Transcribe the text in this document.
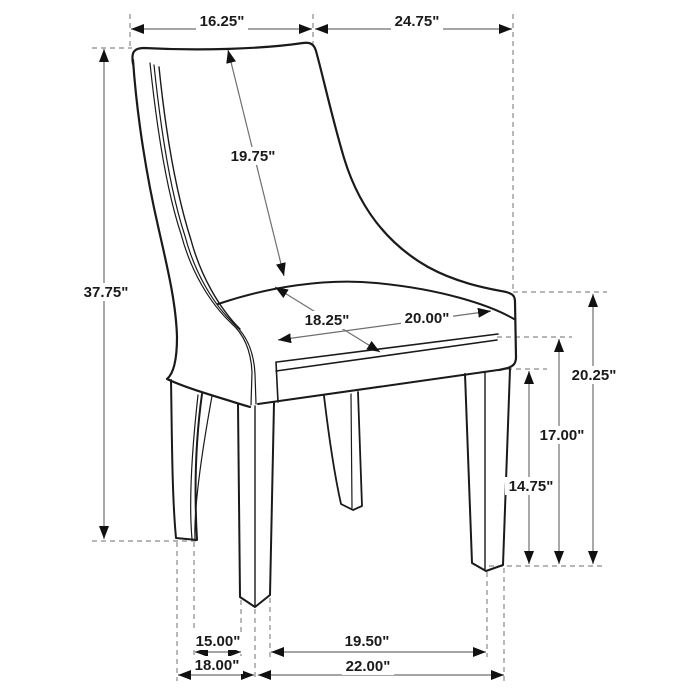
16.25"	24.75"
19.75"
37.75"
18.25"	20.00"
20.25"
17.00"
14.75"
15.00"	19.50"
18.00"	22.00"
